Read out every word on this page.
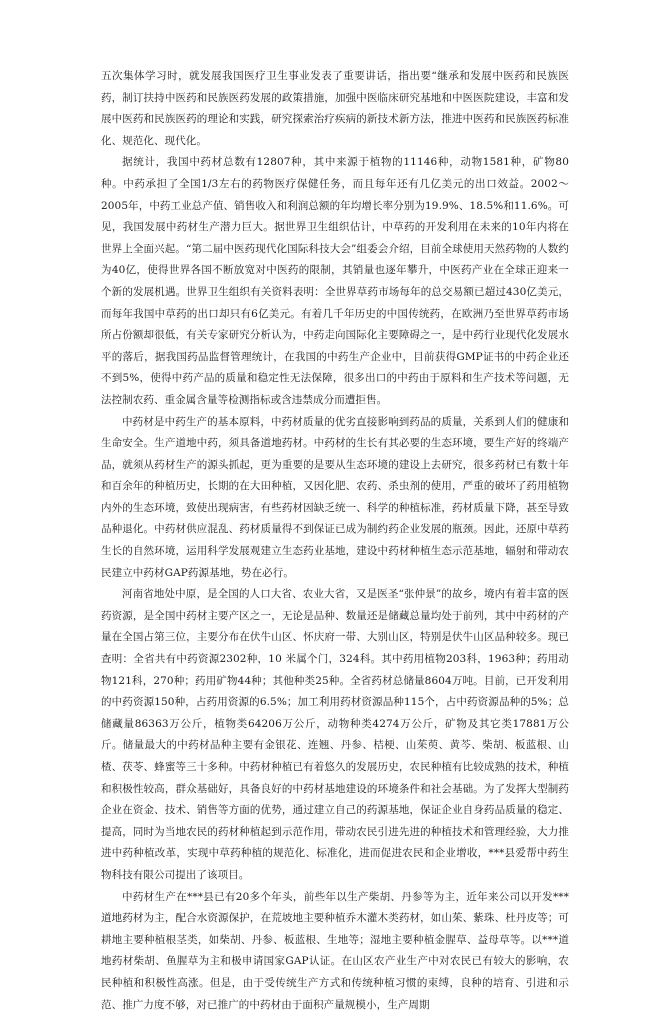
五次集体学习时，就发展我国医疗卫生事业发表了重要讲话，指出要“继承和发展中医药和民族医药，制订扶持中医药和民族医药发展的政策措施，加强中医临床研究基地和中医医院建设，丰富和发展中医药和民族医药的理论和实践，研究探索治疗疾病的新技术新方法，推进中医药和民族医药标准化、规范化、现代化。

据统计，我国中药材总数有12807种，其中来源于植物的11146种，动物1581种，矿物80种。中药承担了全国1/3左右的药物医疗保健任务，而且每年还有几亿美元的出口效益。2002～2005年，中药工业总产值、销售收入和利润总额的年均增长率分别为19.9%、18.5%和11.6%。可见，我国发展中药材生产潜力巨大。据世界卫生组织估计，中草药的开发利用在未来的10年内将在世界上全面兴起。“第二届中医药现代化国际科技大会”组委会介绍，目前全球使用天然药物的人数约为40亿，使得世界各国不断放宽对中医药的限制，其销量也逐年攀升，中医药产业在全球正迎来一个新的发展机遇。世界卫生组织有关资料表明：全世界草药市场每年的总交易额已超过430亿美元，而每年我国中草药的出口却只有6亿美元。有着几千年历史的中国传统药，在欧洲乃至世界草药市场所占份额却很低，有关专家研究分析认为，中药走向国际化主要障碍之一，是中药行业现代化发展水平的落后，据我国药品监督管理统计，在我国的中药生产企业中，目前获得GMP证书的中药企业还不到5%，使得中药产品的质量和稳定性无法保障，很多出口的中药由于原料和生产技术等问题，无法控制农药、重金属含量等检测指标或含违禁成分而遭拒售。

中药材是中药生产的基本原料，中药材质量的优劣直接影响到药品的质量，关系到人们的健康和生命安全。生产道地中药，须具备道地药材。中药材的生长有其必要的生态环境，要生产好的终端产品，就须从药材生产的源头抓起，更为重要的是要从生态环境的建设上去研究，很多药材已有数十年和百余年的种植历史，长期的在大田种植，又因化肥、农药、杀虫剂的使用，严重的破坏了药用植物内外的生态环境，致使出现病害，有些药材因缺乏统一、科学的种植标准，药材质量下降，甚至导致品种退化。中药材供应混乱、药材质量得不到保证已成为制约药企业发展的瓶颈。因此，还原中草药生长的自然环境，运用科学发展观建立生态药业基地，建设中药材种植生态示范基地，辐射和带动农民建立中药材GAP药源基地，势在必行。

河南省地处中原，是全国的人口大省、农业大省，又是医圣“张仲景”的故乡，境内有着丰富的医药资源，是全国中药材主要产区之一，无论是品种、数量还是储藏总量均处于前列，其中中药材的产量在全国占第三位，主要分布在伏牛山区、怀庆府一带、大别山区，特别是伏牛山区品种较多。现已查明：全省共有中药资源2302种，10 米属个门，324科。其中药用植物203科，1963种；药用动物121科，270种；药用矿物44种；其他种类25种。全省药材总储量8604万吨。目前，已开发利用的中药资源150种，占药用资源的6.5%；加工利用药材资源品种115个，占中药资源品种的5%；总储藏量86363万公斤，植物类64206万公斤，动物种类4274万公斤，矿物及其它类17881万公斤。储量最大的中药材品种主要有金银花、连翘、丹参、桔梗、山茱萸、黄芩、柴胡、板蓝根、山楂、茯苓、蜂蜜等三十多种。中药材种植已有着悠久的发展历史，农民种植有比较成熟的技术，种植和积极性较高，群众基础好，具备良好的中药材基地建设的环境条件和社会基础。为了发挥大型制药企业在资金、技术、销售等方面的优势，通过建立自己的药源基地，保证企业自身药品质量的稳定、提高，同时为当地农民的药材种植起到示范作用，带动农民引进先进的种植技术和管理经验，大力推进中药种植改革，实现中草药种植的规范化、标准化，进而促进农民和企业增收，***县爱帮中药生物科技有限公司提出了该项目。

中药材生产在***县已有20多个年头，前些年以生产柴胡、丹参等为主，近年来公司以开发***道地药材为主，配合水资源保护，在荒坡地主要种植乔木灌木类药材，如山茱、紫珠、杜丹皮等；可耕地主要种植根茎类，如柴胡、丹参、板蓝根、生地等；湿地主要种植金腥草、益母草等。以***道地药材柴胡、鱼腥草为主和极申请国家GAP认证。在山区农产业生产中对农民已有较大的影响，农民种植和积极性高涨。但是，由于受传统生产方式和传统种植习惯的束缚，良种的培育、引进和示范、推广力度不够，对已推广的中药材由于面积产量规模小，生产周期
